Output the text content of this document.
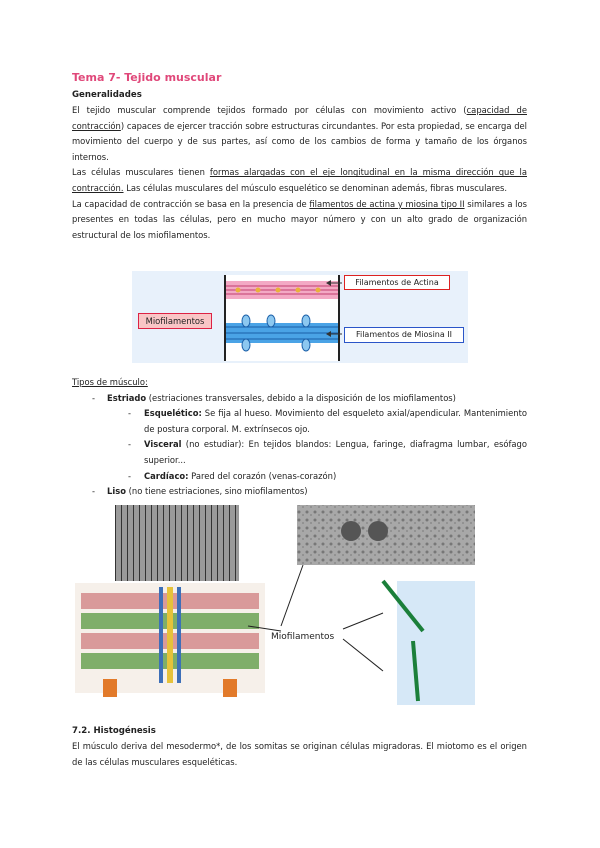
Tema 7- Tejido muscular
Generalidades

El tejido muscular comprende tejidos formado por células con movimiento activo (capacidad de contracción) capaces de ejercer tracción sobre estructuras circundantes. Por esta propiedad, se encarga del movimiento del cuerpo y de sus partes, así como de los cambios de forma y tamaño de los órganos internos.

Las células musculares tienen formas alargadas con el eje longitudinal en la misma dirección que la contracción. Las células musculares del músculo esquelético se denominan además, fibras musculares.

La capacidad de contracción se basa en la presencia de filamentos de actina y miosina tipo II similares a los presentes en todas las células, pero en mucho mayor número y con un alto grado de organización estructural de los miofilamentos.

Miofilamentos
Filamentos de Actina
Filamentos de Miosina II
Tipos de músculo:
- Estriado (estriaciones transversales, debido a la disposición de los miofilamentos)
- Esquelético: Se fija al hueso. Movimiento del esqueleto axial/apendicular. Mantenimiento de postura corporal. M. extrínsecos ojo.
- Visceral (no estudiar): En tejidos blandos: Lengua, faringe, diafragma lumbar, esófago superior...
- Cardíaco: Pared del corazón (venas-corazón)
- Liso (no tiene estriaciones, sino miofilamentos)
Miofilamentos
7.2. Histogénesis

El músculo deriva del mesodermo*, de los somitas se originan células migradoras. El miotomo es el origen de las células musculares esqueléticas.
